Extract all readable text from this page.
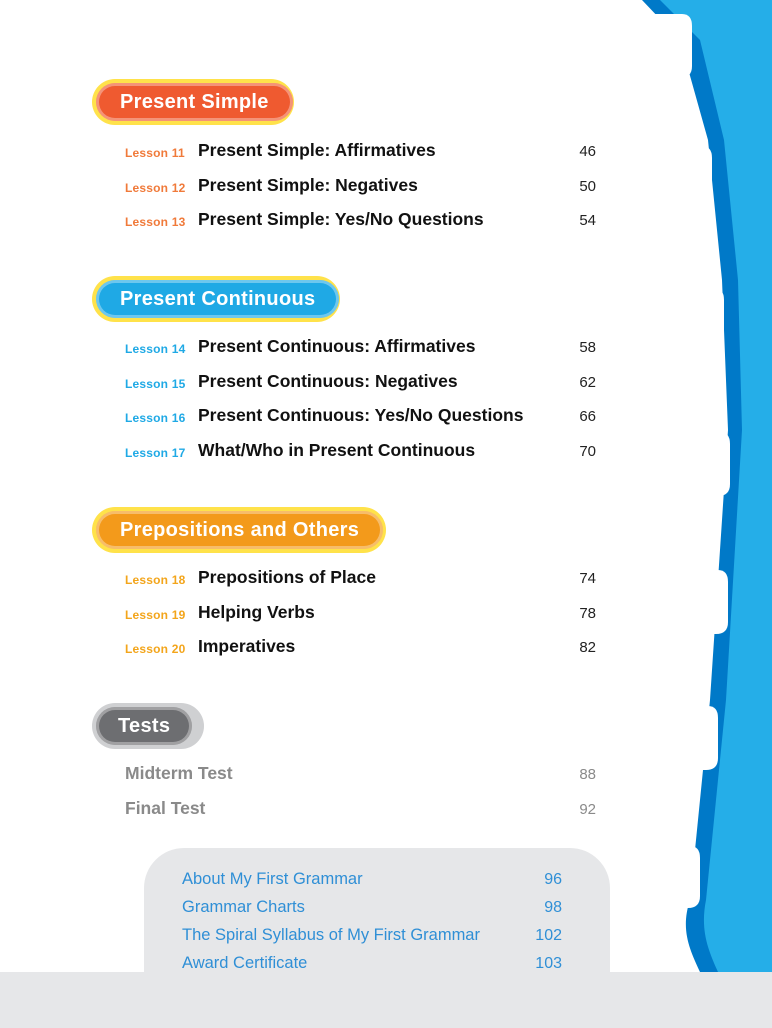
Present Simple
Lesson 11 Present Simple: Affirmatives	46
Lesson 12 Present Simple: Negatives	50
Lesson 13 Present Simple: Yes/No Questions	54
Present Continuous
Lesson 14 Present Continuous: Affirmatives	58
Lesson 15 Present Continuous: Negatives	62
Lesson 16 Present Continuous: Yes/No Questions	66
Lesson 17 What/Who in Present Continuous	70
Prepositions and Others
Lesson 18 Prepositions of Place	74
Lesson 19 Helping Verbs	78
Lesson 20 Imperatives	82
Tests
Midterm Test	88
Final Test	92
About My First Grammar	96
Grammar Charts	98
The Spiral Syllabus of My First Grammar	102
Award Certificate	103
